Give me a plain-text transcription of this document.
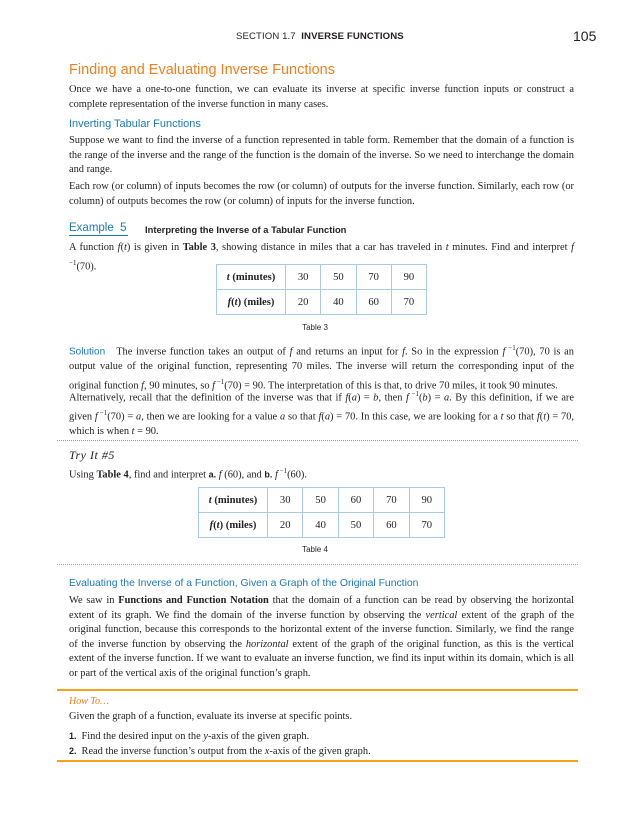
SECTION 1.7 INVERSE FUNCTIONS	105
Finding and Evaluating Inverse Functions

Once we have a one-to-one function, we can evaluate its inverse at specific inverse function inputs or construct a complete representation of the inverse function in many cases.

Inverting Tabular Functions

Suppose we want to find the inverse of a function represented in table form. Remember that the domain of a function is the range of the inverse and the range of the function is the domain of the inverse. So we need to interchange the domain and range.

Each row (or column) of inputs becomes the row (or column) of outputs for the inverse function. Similarly, each row (or column) of outputs becomes the row (or column) of inputs for the inverse function.

Example 5 Interpreting the Inverse of a Tabular Function

A function f(t) is given in Table 3, showing distance in miles that a car has traveled in t minutes. Find and interpret f $^{-1}$(70).

t (minutes)	30	50	70	90
f(t) (miles)	20	40	60	70
Table 3

Solution The inverse function takes an output of f and returns an input for f. So in the expression f $^{-1}$(70), 70 is an output value of the original function, representing 70 miles. The inverse will return the corresponding input of the original function f, 90 minutes, so f $^{-1}$(70) = 90. The interpretation of this is that, to drive 70 miles, it took 90 minutes.

Alternatively, recall that the definition of the inverse was that if f(a) = b, then f $^{-1}$(b) = a. By this definition, if we are given f $^{-1}$(70) = a, then we are looking for a value a so that f(a) = 70. In this case, we are looking for a t so that f(t) = 70, which is when t = 90.

Try It #5

Using Table 4, find and interpret a. f (60), and b. f $^{-1}$(60).

t (minutes)	30	50	60	70	90
f(t) (miles)	20	40	50	60	70
Table 4
Evaluating the Inverse of a Function, Given a Graph of the Original Function

We saw in Functions and Function Notation that the domain of a function can be read by observing the horizontal extent of its graph. We find the domain of the inverse function by observing the vertical extent of the graph of the original function, because this corresponds to the horizontal extent of the inverse function. Similarly, we find the range of the inverse function by observing the horizontal extent of the graph of the original function, as this is the vertical extent of the inverse function. If we want to evaluate an inverse function, we find its input within its domain, which is all or part of the vertical axis of the original function’s graph.

How To…

Given the graph of a function, evaluate its inverse at specific points.

1. Find the desired input on the y-axis of the given graph.
2. Read the inverse function’s output from the x-axis of the given graph.
